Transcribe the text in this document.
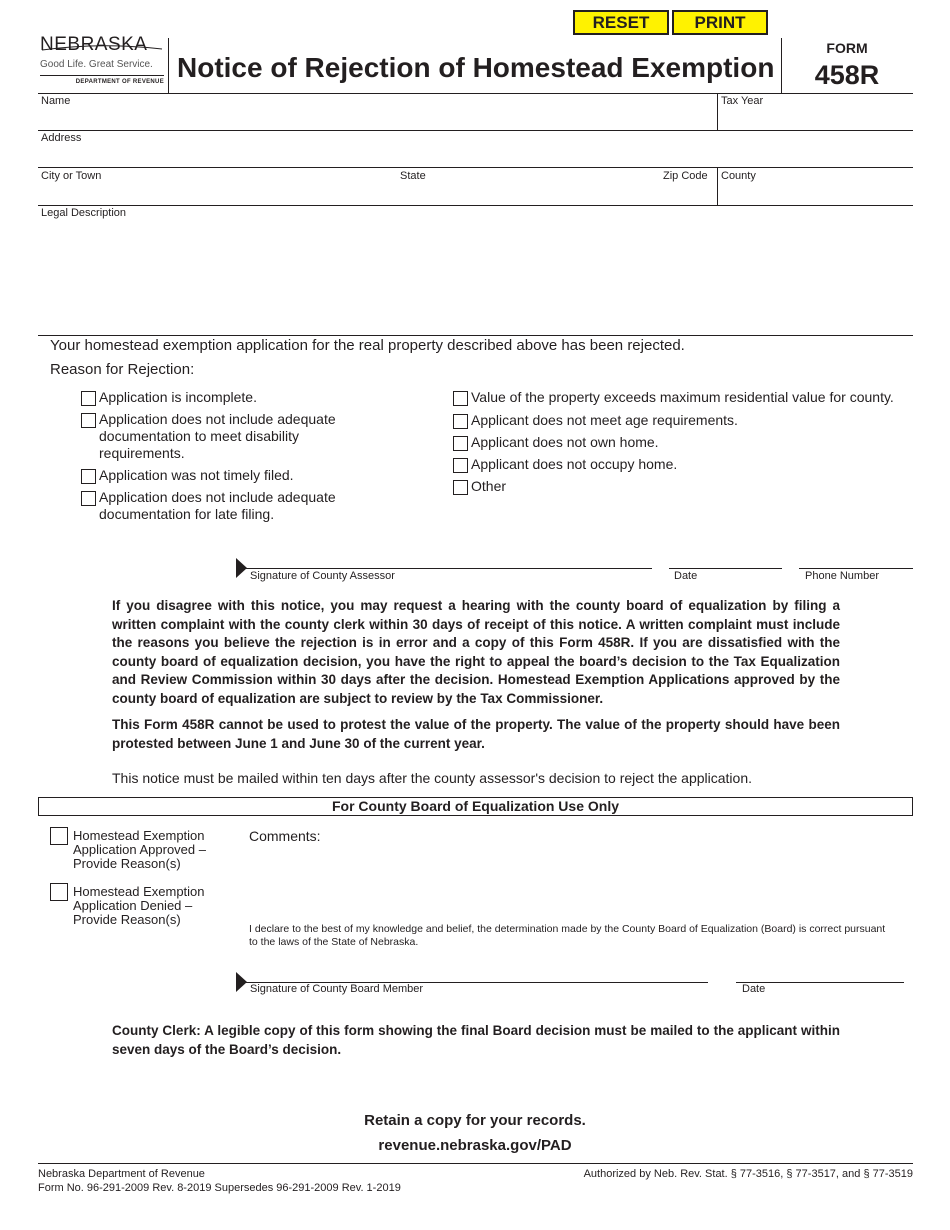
RESET	PRINT
NEBRASKA
Good Life. Great Service.
DEPARTMENT OF REVENUE Notice of Rejection of Homestead Exemption
FORM
458R
Name	Tax Year
Address
City or Town	State	Zip Code County
Legal Description
Your homestead exemption application for the real property described above has been rejected.
Reason for Rejection:
Application is incomplete.
Application does not include adequate documentation to meet disability requirements.
Application was not timely filed.
Application does not include adequate documentation for late filing.
Value of the property exceeds maximum residential value for county.
Applicant does not meet age requirements.
Applicant does not own home.
Applicant does not occupy home.
Other
Signature of County Assessor	Date	Phone Number
If you disagree with this notice, you may request a hearing with the county board of equalization by filing a written complaint with the county clerk within 30 days of receipt of this notice. A written complaint must include the reasons you believe the rejection is in error and a copy of this Form 458R. If you are dissatisfied with the county board of equalization decision, you have the right to appeal the board’s decision to the Tax Equalization and Review Commission within 30 days after the decision. Homestead Exemption Applications approved by the county board of equalization are subject to review by the Tax Commissioner.
This Form 458R cannot be used to protest the value of the property. The value of the property should have been protested between June 1 and June 30 of the current year.
This notice must be mailed within ten days after the county assessor's decision to reject the application.
For County Board of Equalization Use Only
Homestead Exemption Application Approved – Provide Reason(s)
Homestead Exemption Application Denied – Provide Reason(s)
Comments:
I declare to the best of my knowledge and belief, the determination made by the County Board of Equalization (Board) is correct pursuant to the laws of the State of Nebraska.
Signature of County Board Member	Date
County Clerk: A legible copy of this form showing the final Board decision must be mailed to the applicant within seven days of the Board’s decision.
Retain a copy for your records.
revenue.nebraska.gov/PAD
Nebraska Department of Revenue
Form No. 96-291-2009 Rev. 8-2019 Supersedes 96-291-2009 Rev. 1-2019
Authorized by Neb. Rev. Stat. § 77-3516, § 77-3517, and § 77-3519
